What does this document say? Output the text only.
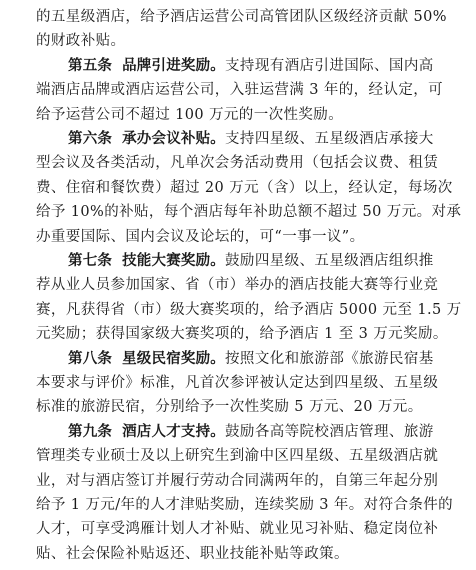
的五星级酒店，给予酒店运营公司高管团队区级经济贡献 50%
的财政补贴。
第五条 品牌引进奖励。支持现有酒店引进国际、国内高
端酒店品牌或酒店运营公司，入驻运营满 3 年的，经认定，可
给予运营公司不超过 100 万元的一次性奖励。
第六条 承办会议补贴。支持四星级、五星级酒店承接大
型会议及各类活动，凡单次会务活动费用（包括会议费、租赁
费、住宿和餐饮费）超过 20 万元（含）以上，经认定，每场次
给予 10%的补贴，每个酒店每年补助总额不超过 50 万元。对承
办重要国际、国内会议及论坛的，可“一事一议”。
第七条 技能大赛奖励。鼓励四星级、五星级酒店组织推
荐从业人员参加国家、省（市）举办的酒店技能大赛等行业竞
赛，凡获得省（市）级大赛奖项的，给予酒店 5000 元至 1.5 万
元奖励；获得国家级大赛奖项的，给予酒店 1 至 3 万元奖励。
第八条 星级民宿奖励。按照文化和旅游部《旅游民宿基
本要求与评价》标准，凡首次参评被认定达到四星级、五星级
标准的旅游民宿，分别给予一次性奖励 5 万元、20 万元。
第九条 酒店人才支持。鼓励各高等院校酒店管理、旅游
管理类专业硕士及以上研究生到渝中区四星级、五星级酒店就
业，对与酒店签订并履行劳动合同满两年的，自第三年起分别
给予 1 万元/年的人才津贴奖励，连续奖励 3 年。对符合条件的
人才，可享受鸿雁计划人才补贴、就业见习补贴、稳定岗位补
贴、社会保险补贴返还、职业技能补贴等政策。
